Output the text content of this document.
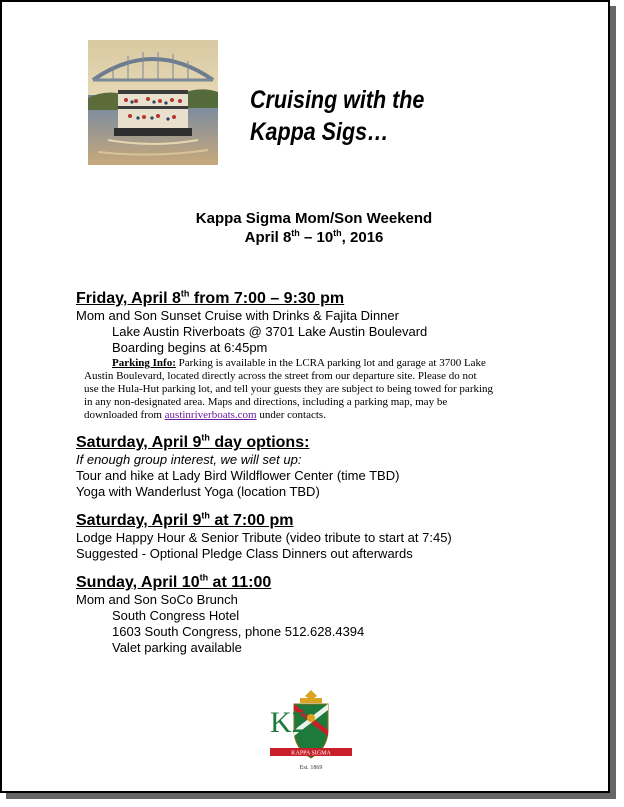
Cruising with the
Kappa Sigs…
Kappa Sigma Mom/Son Weekend
April 8th – 10th, 2016
Friday, April 8th from 7:00 – 9:30 pm
Mom and Son Sunset Cruise with Drinks & Fajita Dinner
Lake Austin Riverboats @ 3701 Lake Austin Boulevard
Boarding begins at 6:45pm
Parking Info: Parking is available in the LCRA parking lot and garage at 3700 Lake
Austin Boulevard, located directly across the street from our departure site. Please do not
use the Hula-Hut parking lot, and tell your guests they are subject to being towed for parking
in any non-designated area. Maps and directions, including a parking map, may be
downloaded from austinriverboats.com under contacts.
Saturday, April 9th day options:
If enough group interest, we will set up:
Tour and hike at Lady Bird Wildflower Center (time TBD)
Yoga with Wanderlust Yoga (location TBD)
Saturday, April 9th at 7:00 pm
Lodge Happy Hour & Senior Tribute (video tribute to start at 7:45)
Suggested - Optional Pledge Class Dinners out afterwards
Sunday, April 10th at 11:00
Mom and Son SoCo Brunch
South Congress Hotel
1603 South Congress, phone 512.628.4394
Valet parking available
ΚΣ
KAPPA SIGMA
Est. 1869
